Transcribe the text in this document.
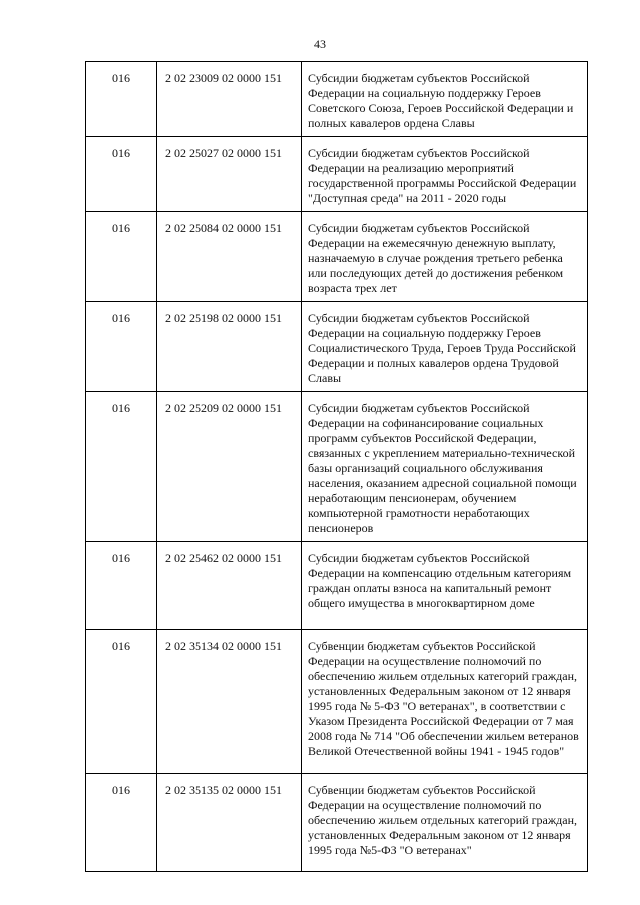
43
016	2 02 23009 02 0000 151	Субсидии бюджетам субъектов Российской Федерации на социальную поддержку Героев Советского Союза, Героев Российской Федерации и полных кавалеров ордена Славы
016	2 02 25027 02 0000 151	Субсидии бюджетам субъектов Российской Федерации на реализацию мероприятий государственной программы Российской Федерации "Доступная среда" на 2011 - 2020 годы
016	2 02 25084 02 0000 151	Субсидии бюджетам субъектов Российской Федерации на ежемесячную денежную выплату, назначаемую в случае рождения третьего ребенка или последующих детей до достижения ребенком возраста трех лет
016	2 02 25198 02 0000 151	Субсидии бюджетам субъектов Российской Федерации на социальную поддержку Героев Социалистического Труда, Героев Труда Российской Федерации и полных кавалеров ордена Трудовой Славы
016	2 02 25209 02 0000 151	Субсидии бюджетам субъектов Российской Федерации на софинансирование социальных программ субъектов Российской Федерации, связанных с укреплением материально-технической базы организаций социального обслуживания населения, оказанием адресной социальной помощи неработающим пенсионерам, обучением компьютерной грамотности неработающих пенсионеров
016	2 02 25462 02 0000 151	Субсидии бюджетам субъектов Российской Федерации на компенсацию отдельным категориям граждан оплаты взноса на капитальный ремонт общего имущества в многоквартирном доме
016	2 02 35134 02 0000 151	Субвенции бюджетам субъектов Российской Федерации на осуществление полномочий по обеспечению жильем отдельных категорий граждан, установленных Федеральным законом от 12 января 1995 года № 5-ФЗ "О ветеранах", в соответствии с Указом Президента Российской Федерации от 7 мая 2008 года № 714 "Об обеспечении жильем ветеранов Великой Отечественной войны 1941 - 1945 годов"
016	2 02 35135 02 0000 151	Субвенции бюджетам субъектов Российской Федерации на осуществление полномочий по обеспечению жильем отдельных категорий граждан, установленных Федеральным законом от 12 января 1995 года №5-ФЗ "О ветеранах"
